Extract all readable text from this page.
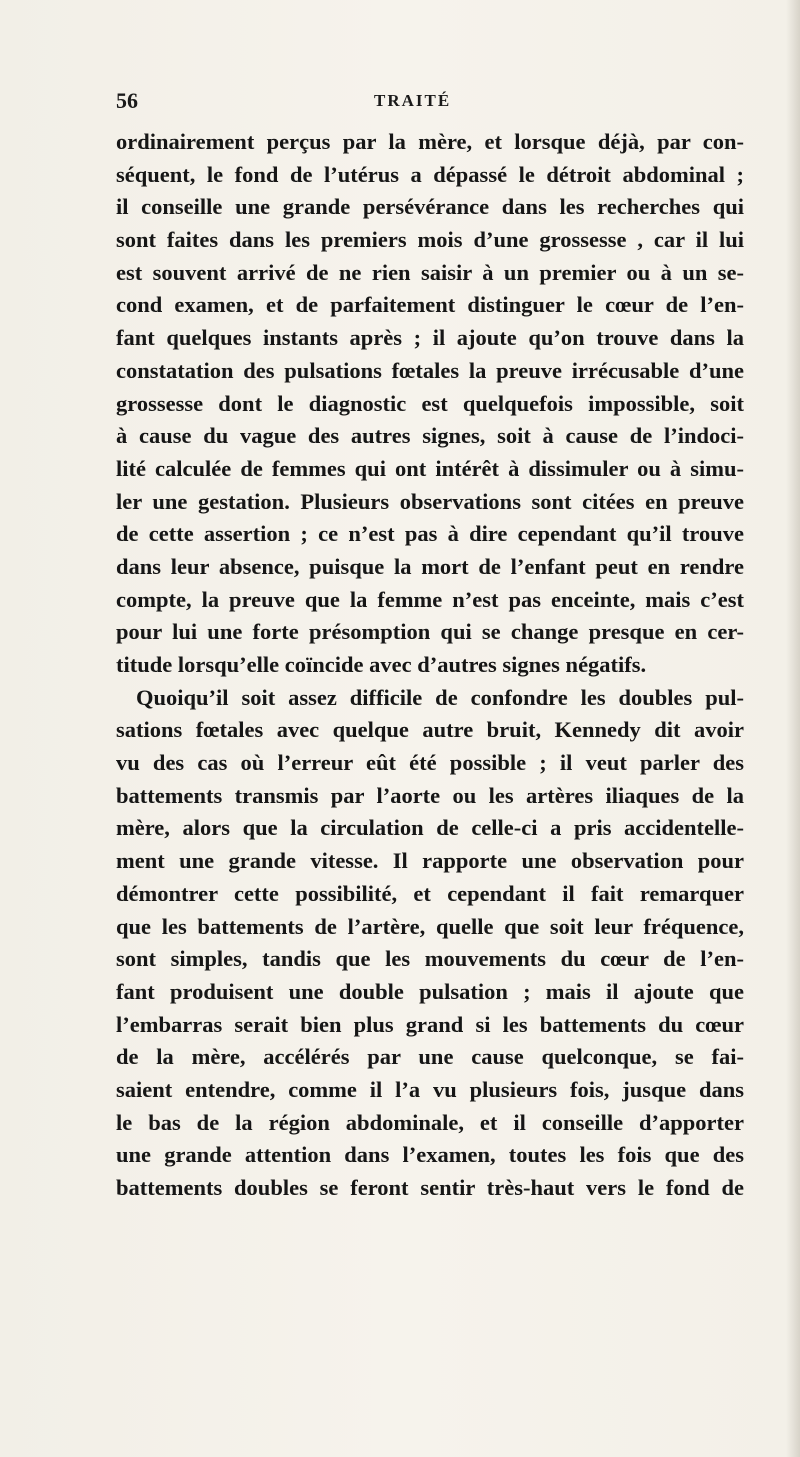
56	TRAITÉ
ordinairement perçus par la mère, et lorsque déjà, par con-
séquent, le fond de l’utérus a dépassé le détroit abdominal ;
il conseille une grande persévérance dans les recherches qui
sont faites dans les premiers mois d’une grossesse , car il lui
est souvent arrivé de ne rien saisir à un premier ou à un se-
cond examen, et de parfaitement distinguer le cœur de l’en-
fant quelques instants après ; il ajoute qu’on trouve dans la
constatation des pulsations fœtales la preuve irrécusable d’une
grossesse dont le diagnostic est quelquefois impossible, soit
à cause du vague des autres signes, soit à cause de l’indoci-
lité calculée de femmes qui ont intérêt à dissimuler ou à simu-
ler une gestation. Plusieurs observations sont citées en preuve
de cette assertion ; ce n’est pas à dire cependant qu’il trouve
dans leur absence, puisque la mort de l’enfant peut en rendre
compte, la preuve que la femme n’est pas enceinte, mais c’est
pour lui une forte présomption qui se change presque en cer-
titude lorsqu’elle coïncide avec d’autres signes négatifs.
Quoiqu’il soit assez difficile de confondre les doubles pul-
sations fœtales avec quelque autre bruit, Kennedy dit avoir
vu des cas où l’erreur eût été possible ; il veut parler des
battements transmis par l’aorte ou les artères iliaques de la
mère, alors que la circulation de celle-ci a pris accidentelle-
ment une grande vitesse. Il rapporte une observation pour
démontrer cette possibilité, et cependant il fait remarquer
que les battements de l’artère, quelle que soit leur fréquence,
sont simples, tandis que les mouvements du cœur de l’en-
fant produisent une double pulsation ; mais il ajoute que
l’embarras serait bien plus grand si les battements du cœur
de la mère, accélérés par une cause quelconque, se fai-
saient entendre, comme il l’a vu plusieurs fois, jusque dans
le bas de la région abdominale, et il conseille d’apporter
une grande attention dans l’examen, toutes les fois que des
battements doubles se feront sentir très-haut vers le fond de
